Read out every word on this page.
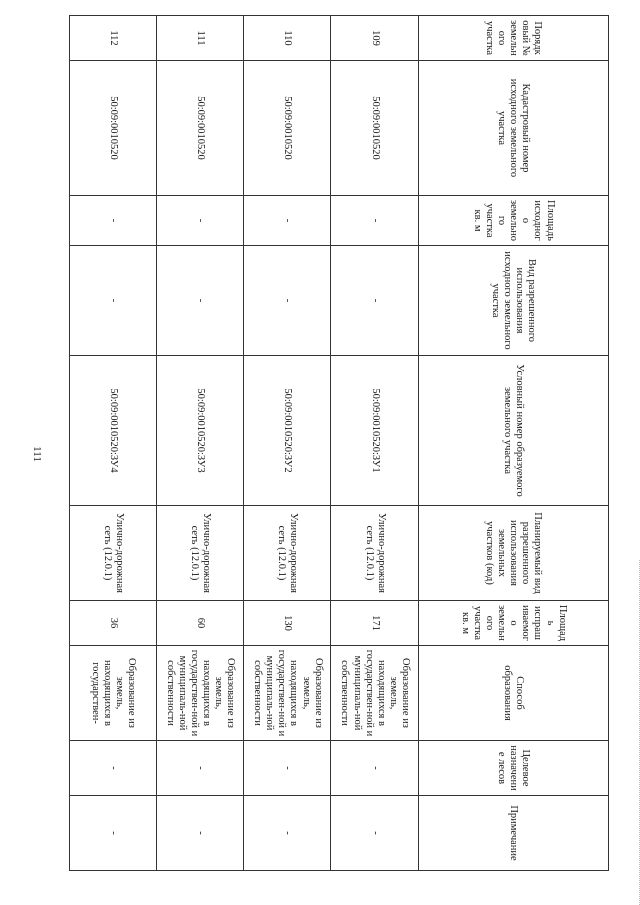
111
Порядковый № земельного участка	Кадастровый номер исходного земельного участка	Площадь исходного земельного участка кв. м	Вид разрешенного использования исходного земельного участка	Условный номер образуемого земельного участка	Планируемый вид разрешенного использования земельных участков (код)	Площадь испрашиваемого земельного участка кв. м	Способ образования	Целевое назначение лесов	Примечание
109	50:09:0010520	-	-	50:09:0010520:ЗУ1	Улично-дорожная сеть (12.0.1)	171	Образование из земель, находящихся в государствен-ной и муниципаль-ной собственности	-	-
110	50:09:0010520	-	-	50:09:0010520:ЗУ2	Улично-дорожная сеть (12.0.1)	130	Образование из земель, находящихся в государствен-ной и муниципаль-ной собственности	-	-
111	50:09:0010520	-	-	50:09:0010520:ЗУ3	Улично-дорожная сеть (12.0.1)	60	Образование из земель, находящихся в государствен-ной и муниципаль-ной собственности	-	-
112	50:09:0010520	-	-	50:09:0010520:ЗУ4	Улично-дорожная сеть (12.0.1)	36	Образование из земель, находящихся в государствен-	-	-
